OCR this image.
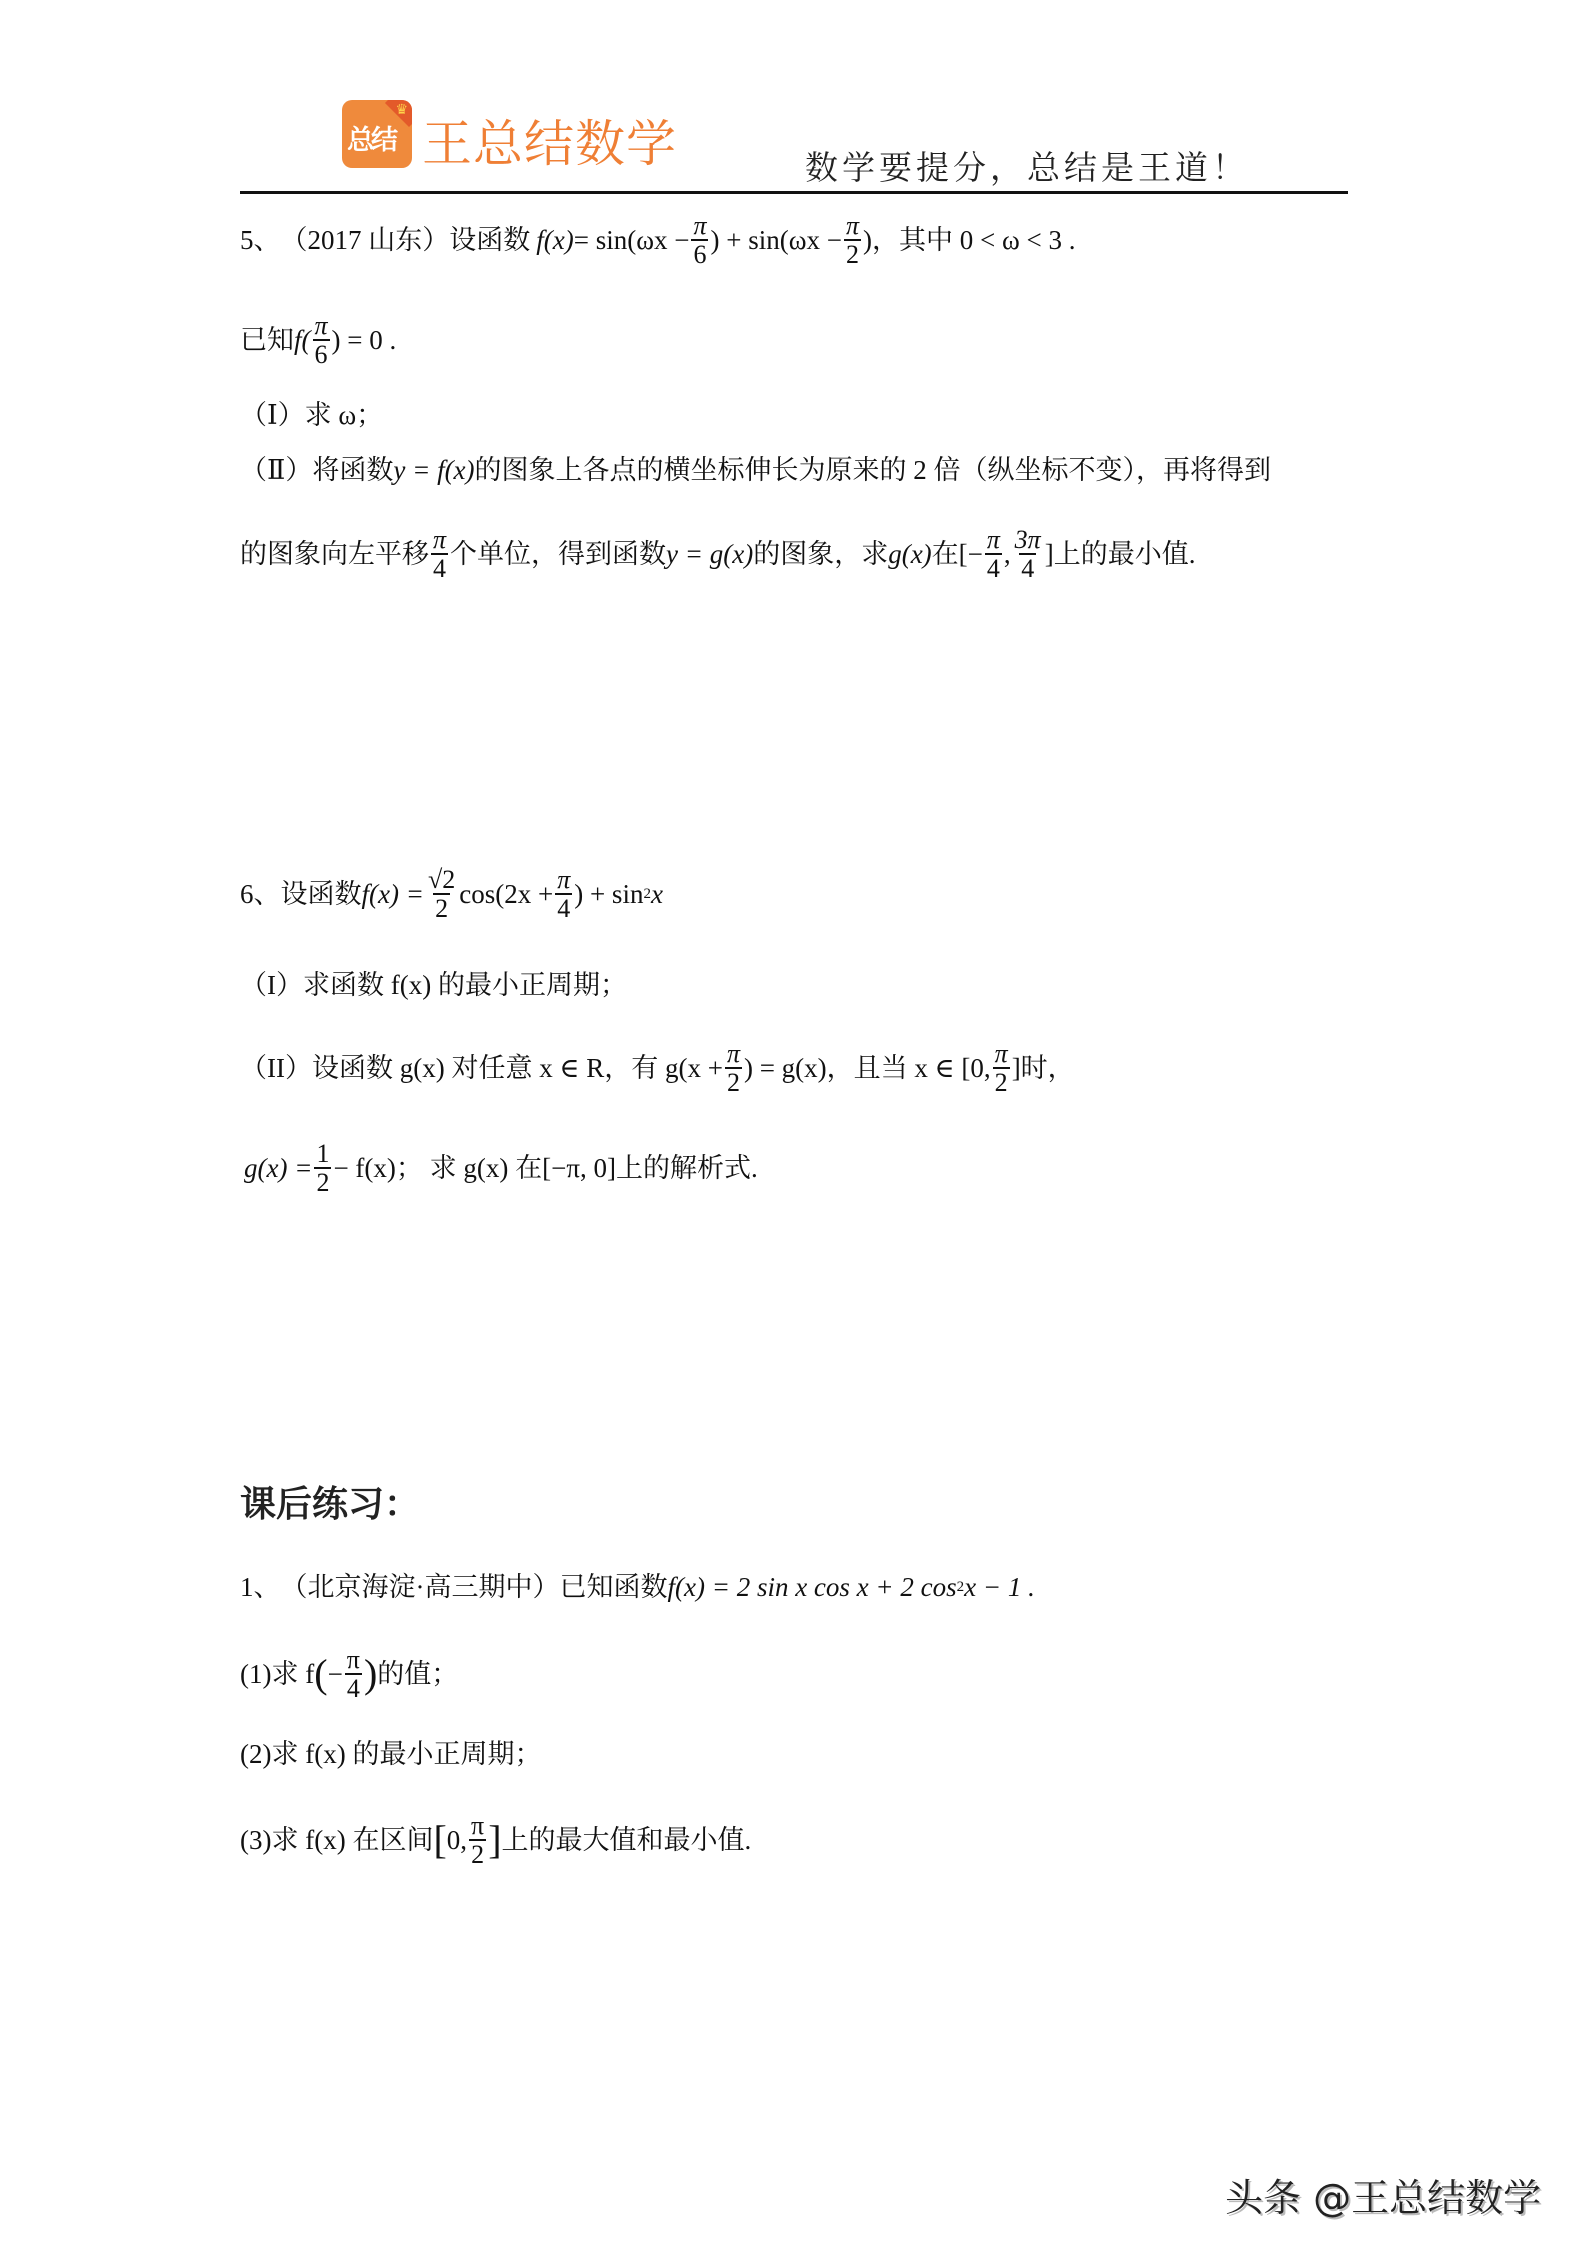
♛
总结 王总结数学	数学要提分，总结是王道！
5、 （2017 山东） 设函数 $f(x) = \sin(\omega x - \frac{\pi}{6}$ ) + $\sin(\omega x - \frac{\pi}{2}$ )，其中 0 < ω < 3 .
已知 $f( \frac{\pi}{6}$ ) = 0 .
（Ⅰ）求 ω；
（Ⅱ）将函数 y = f(x) 的图象上各点的横坐标伸长为原来的 2 倍（纵坐标不变），再将得到
的图象向左平移 $\frac{\pi}{4}$ 个单位，得到函数 y = g(x) 的图象，求 g(x) 在[− $\frac{\pi}{4}$ , $\frac{3\pi}{4}$ ]上的最小值.
6、 设函数 $f(x) = \frac{√2}{2} \cos(2x + \frac{\pi}{4}$ ) + sin 2 x
（I）求函数 f(x) 的最小正周期；
（II）设函数 g(x) 对任意 x ∈ R，有 $g(x + \frac{\pi}{2}$ ) = g(x)，且当 x ∈ [0, $\frac{\pi}{2}$ ]时，
$g(x) = \frac{1}{2} - f(x)$； 求 g(x) 在[−π, 0]上的解析式.
课后练习：
1、 （北京海淀·高三期中） 已知函数 f(x) = 2 sin x cos x + 2 cos 2 x − 1 .
(1)求 f ( − $\frac{\pi}{4}$ ) 的值；
(2)求 f(x) 的最小正周期；
(3)求 f(x) 在区间 [ 0, $\frac{\pi}{2}$ ] 上的最大值和最小值.
头条 @王总结数学
